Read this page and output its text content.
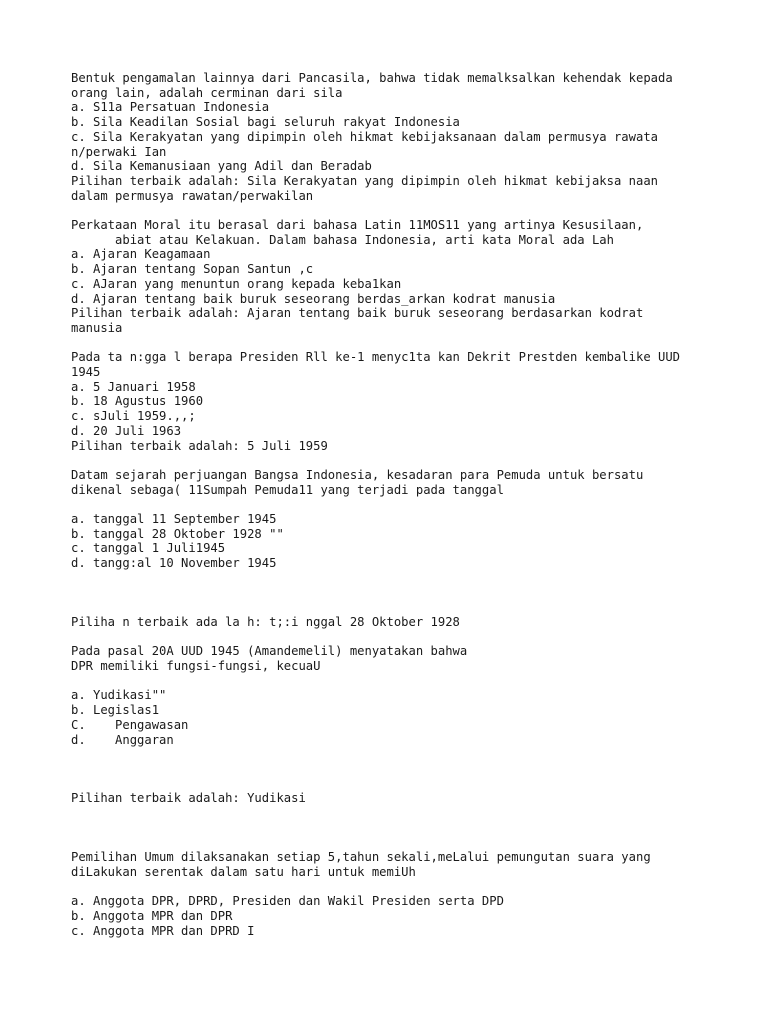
Bentuk pengamalan lainnya dari Pancasila, bahwa tidak memalksalkan kehendak kepada
orang lain, adalah cerminan dari sila
a. S11a Persatuan Indonesia
b. Sila Keadilan Sosial bagi seluruh rakyat Indonesia
c. Sila Kerakyatan yang dipimpin oleh hikmat kebijaksanaan dalam permusya rawata
n/perwaki Ian
d. Sila Kemanusiaan yang Adil dan Beradab
Pilihan terbaik adalah: Sila Kerakyatan yang dipimpin oleh hikmat kebijaksa naan
dalam permusya rawatan/perwakilan
Perkataan Moral itu berasal dari bahasa Latin 11MOS11 yang artinya Kesusilaan,
abiat atau Kelakuan. Dalam bahasa Indonesia, arti kata Moral ada Lah
a. Ajaran Keagamaan
b. Ajaran tentang Sopan Santun ,c
c. AJaran yang menuntun orang kepada keba1kan
d. Ajaran tentang baik buruk seseorang berdas_arkan kodrat manusia
Pilihan terbaik adalah: Ajaran tentang baik buruk seseorang berdasarkan kodrat
manusia
Pada ta n:gga l berapa Presiden Rll ke-1 menyc1ta kan Dekrit Prestden kembalike UUD
1945
a. 5 Januari 1958
b. 18 Agustus 1960
c. sJuli 1959.,,;
d. 20 Juli 1963
Pilihan terbaik adalah: 5 Juli 1959
Datam sejarah perjuangan Bangsa Indonesia, kesadaran para Pemuda untuk bersatu
dikenal sebaga( 11Sumpah Pemuda11 yang terjadi pada tanggal
a. tanggal 11 September 1945
b. tanggal 28 Oktober 1928 ""
c. tanggal 1 Juli1945
d. tangg:al 10 November 1945
Piliha n terbaik ada la h: t;:i nggal 28 Oktober 1928
Pada pasal 20A UUD 1945 (Amandemelil) menyatakan bahwa
DPR memiliki fungsi-fungsi, kecuaU
a. Yudikasi""
b. Legislas1
C.    Pengawasan
d.    Anggaran
Pilihan terbaik adalah: Yudikasi
Pemilihan Umum dilaksanakan setiap 5,tahun sekali,meLalui pemungutan suara yang
diLakukan serentak dalam satu hari untuk memiUh
a. Anggota DPR, DPRD, Presiden dan Wakil Presiden serta DPD
b. Anggota MPR dan DPR
c. Anggota MPR dan DPRD I
